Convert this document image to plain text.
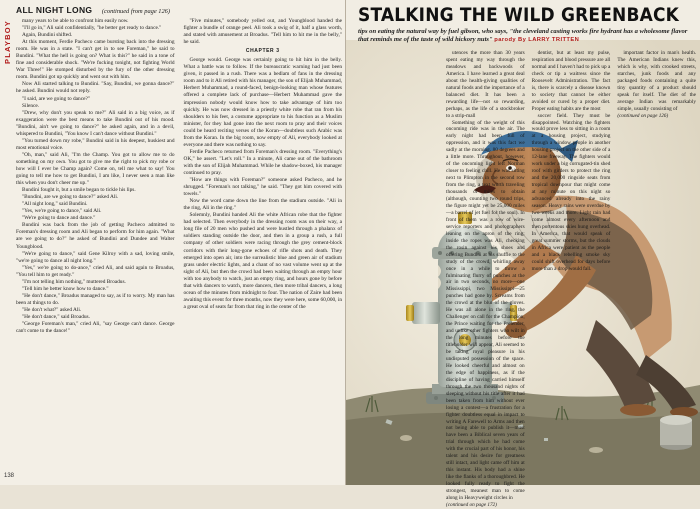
PLAYBOY
138
ALL NIGHT LONG (continued from page 126)

many years to be able to confront him easily now.

"I'll go in," Ali said confidentially, "he better get ready to dance."

Again, Bundini shifted.

At this moment, Ferdie Pacheco came bursting back into the dressing room. He was in a state. "I can't get in to see Foreman," he said to Bundini. "What the hell is going on? What is this?" he said in a tone of fine and considerable shock. "We're fucking tonight, not fighting World War Three!" He stomped disturbed by the fury of the other dressing room. Bundini got up quickly and went out with him.

Now Ali started talking to Bundini. "Say, Bundini, we gonna dance?" he asked. Bundini would not reply.

"I said, are we going to dance?"

Silence.

"Drew, why don't you speak to me?" Ali said in a big voice, as if exaggeration were the best means to take Bundini out of his mood. "Bundini, ain't we going to dance?" he asked again, and in a devil, whispered to Bundini, "You know I can't dance without Bundini."

"You turned down my robe," Bundini said in his deepest, huskiest and most emotional voice.

"Oh, man," said Ali, "I'm the Champ. You got to allow me to do something on my own. You got to give me the right to pick my robe or how will I ever be Champ again? Come on, tell me what to say! You going to tell me how to get Bundini, I am like, I never seen a man like this when you don't cheer me up."

Bundini fought it, but a smile began to tickle his lips.

"Bundini, are we going to dance?" asked Ali.

"All night long," said Bundini.

"Yes, we're going to dance," said Ali.

"We're going to dance and dance."

Bundini was back from the job of getting Pacheco admitted to Foreman's dressing room and Ali began to perform for him again. "What are we going to do?" he asked of Bundini and Dundee and Walter Youngblood.

"We're going to dance," said Gene Kilroy with a sad, loving smile, "we're going to dance all night long."

"Yes," we're going to do-ance," cried Ali, and said again to Broadus, "You tell him to get ready."

"I'm not telling him nothing," muttered Broadus.

"Tell him he better know how to dance."

"He don't dance," Broadus managed to say, as if to worry. My man has been at things to do.

"He don't what?" asked Ali.

"He don't dance," said Broadus.

"George Foreman's man," cried Ali, "say George can't dance. George can't come to the dance!"

"Five minutes," somebody yelled out, and Youngblood handed the fighter a bundle of orange peel. Ali took a swig of it, half a glass worth, and stated with amusement at Broadus. "Tell him to hit me in the belly," he said.

CHAPTER 3

George would. George was certainly going to hit him in the belly. What a battle was to follow. If the bureaucratic warning had just been given, it passed in a rush. There was a bedlam of fans in the dressing room and to it Ali retired with his manager, the son of Elijah Muhammad, Herbert Muhammad, a round-faced, benign-looking man whose features offered a complete lack of purchase—Herbert Muhammad gave the impression nobody would know how to take advantage of him too quickly. He was now dressed in a priestly white robe that ran from his shoulders to his feet, a costume appropriate to his function as a Muslim minister, for they had gone into the next room to pray and their voices could be heard reciting verses of the Koran—doubtless such Arabic was from the Koran. In the big room, now empty of Ali, everybody looked at everyone and there was nothing to say.

Ferdie Pacheco returned from Foreman's dressing room. "Everything's OK," he assert. "Let's roll." In a minute, Ali came out of the bathroom with the son of Elijah Muhammad. While he shadow-boxed, his manager continued to pray.

"How are things with Foreman?" someone asked Pacheco, and he shrugged. "Foreman's not talking," he said. "They got him covered with towels."

Now the word came down the line from the stadium outside. "Ali in the ring, Ali in the ring."

Solemnly, Bundini handed Ali the white African robe that the fighter had selected. Then everybody in the dressing room was on their way, a long file of 20 men who pushed and were hustled through a phalanx of soldiers standing outside the door, and then in a group a rush, a full company of other soldiers were racing through the grey cement-block corridors with their long-gone echoes of rifle shots and death. They emerged into open air, into the surrealistic blue and green air of stadium grass under electric lights, and a chant of no vast volume went up at the sight of Ali, but then the crowd had been waiting through an empty hour with too anybody to watch, just an empty ring, and hours gone by before that with dancers to watch, more dancers, then more tribal dancers, a long ocean of the minutes from midnight to four. The nation of Zaire had been awaiting this event for three months, now they were here, some 60,000, in a great oval of seats far from that ring in the center of the

STALKING THE WILD GREENBACK
tips on eating the natural way by fuel gibson, who says, "the cleveland casting works fire hydrant has a wholesome flavor that reminds me of the taste of wild hickory nuts" parody By LARRY TRITTEN

utences the more than 30 years spent eating my way through the meadows and backwoods of America. I have learned a great deal about the health-giving qualities of natural foods and the importance of a balanced diet. It has been a rewarding life—not so rewarding, perhaps, as the life of a stockbroker to a strip-mall

Something of the weight of this oncoming ride was in the air. The early night had been full of oppression, and it was this fact we sadly at the morning. 80 degrees and a little more. Throughout, however, of the oncoming light left Norman closer to feeling chill. He was sitting next to Plimpton in the second row from the ring, a text worth traveling thousands of miles to obtain (although, counting two round trips, the figure might yet be 25,000 miles—a barrel of jet fuel for the soul). In front of them was a row of wire-service reporters and photographers leaning on the apron of the ring; inside the ropes was Ali, checking the rosin against his shoes and offering Bundini at his shuffle to the study of the crowd, whirling away once in a while to throw a fulminating flurry of punches at the air in two seconds, no more—one Mississippi, two Mississippi—25 punches had gone by. Screams from the crowd at the blur of the gloves. He was all alone in the ring, the Challenger on call for the Champion, the Prince waiting for the Pretender, and unlike other fighters who wilt in the long minutes before the titleholder will appear, Ali seemed to be taking royal pleasure in his undisputed possession of the space. He looked cheerful and almost on the edge of happiness, as if the discipline of having carried himself through the two thousand nights of sleeping without his title after it had been taken from him without ever losing a contest—a frustration for a fighter doubtless equal in impact to writing A Farewell to Arms and then not being able to publish it—must have been a Biblical seven years of trial through which he had come with the crucial part of his honor, his talent and his desire for greatness still intact, and light came off him at this instant. His body had a shine like the flanks of a thoroughbred. He looked fully ready to fight the strongest, meanest man to come along in Heavyweight circles in

(continued on page 172)

dentist, but at least my pulse, respiration and blood pressure are all normal and I haven't had to pick up a check or tip a waitress since the Roosevelt Administration. The fact is, there is scarcely a disease known to society that cannot be either avoided or cured by a proper diet. Proper eating habits are the most

soccer field. They must be disappointed. Watching the fighters would prove less to sitting in a room at a housing project, studying through a window people in another housing project on the other side of a 12-lane freeway. The fighters would work under a big corrugated-tin shed roof with girders to protect the ring and the 20,000 ringside seats from tropical downpour that might come at any minute on this night so advanced already into the rainy season. Heavy rains were overdue by two weeks and more. Light rain had come almost every afternoon and then portentous skies hung overhead. In America, that would speak of great summer storms, but the clouds in Africa were patient as the people and a black rebelling smoke sky could shift overhead for days before more than a drop would fall.

important factor in man's health. The American Indians knew this, which is why, with crooked streets, starches, junk foods and any packaged foods containing a quite tiny quantity of a product should speak for itself. The diet of the average Indian was remarkably simple, usually consisting of

(continued on page 126)
